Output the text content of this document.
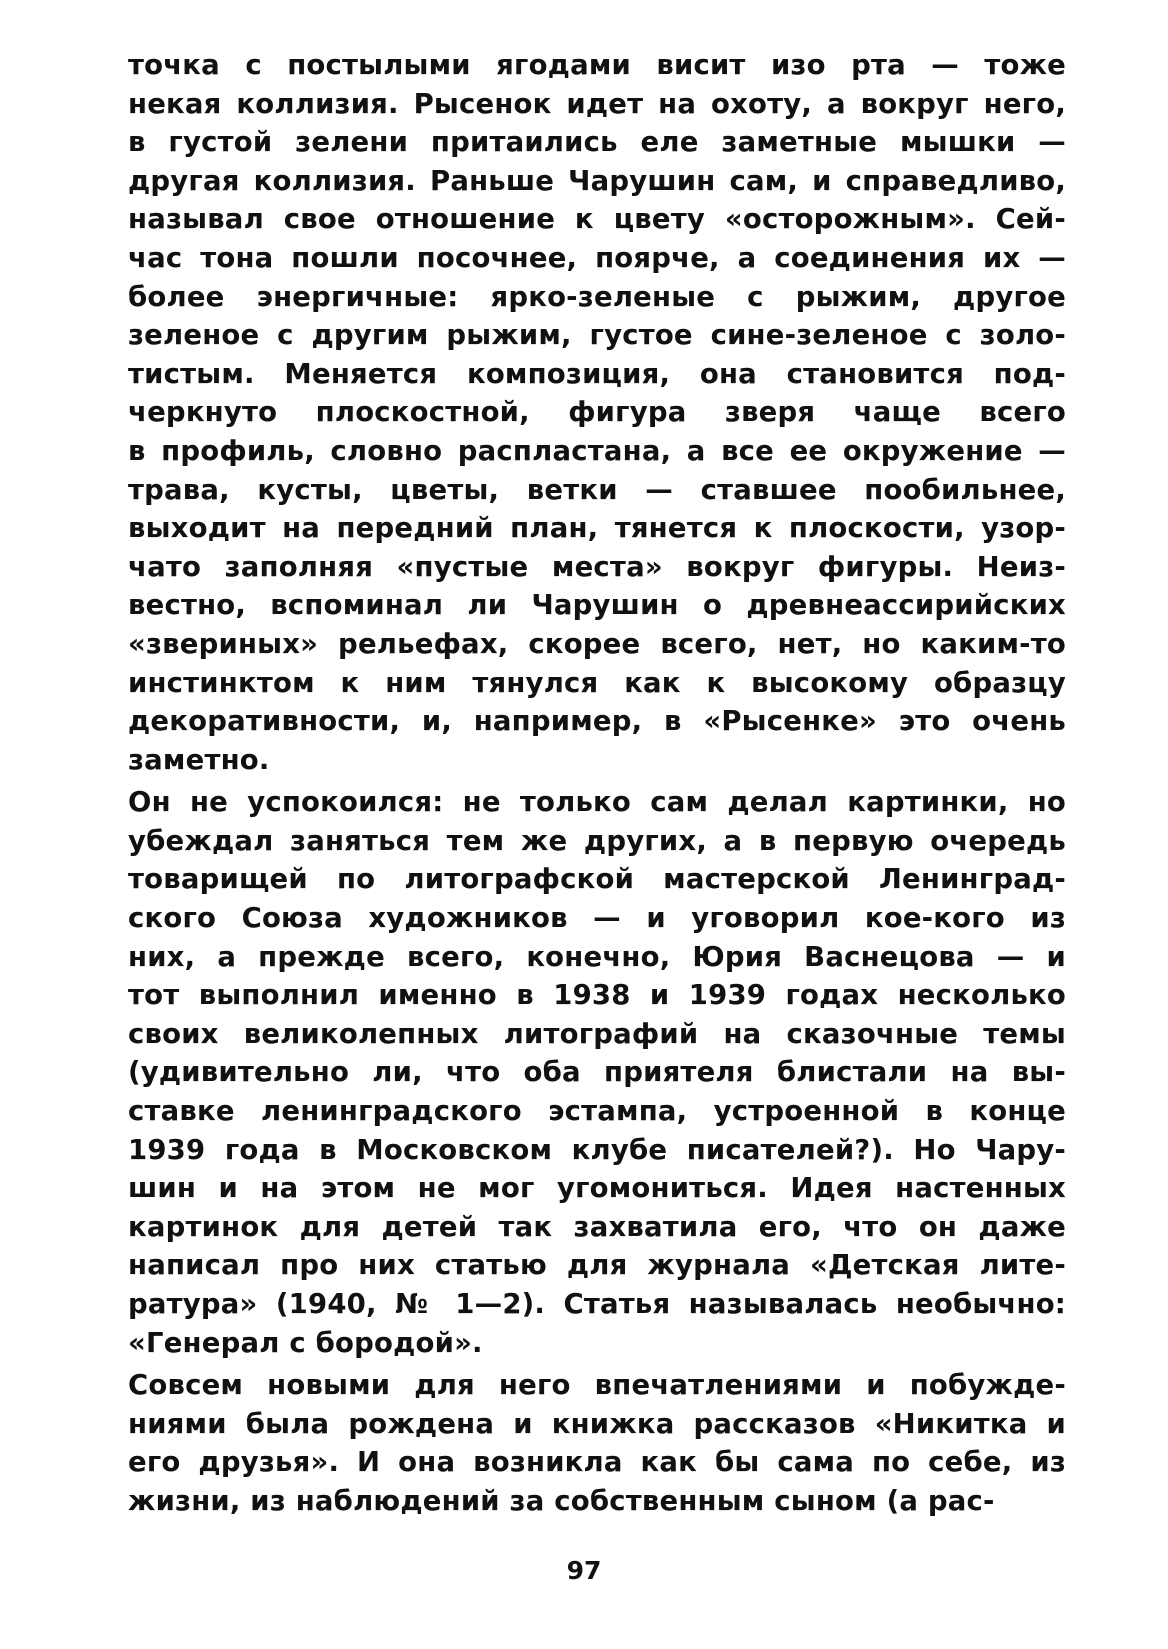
точка с постылыми ягодами висит изо рта — тоже
некая коллизия. Рысенок идет на охоту, а вокруг него,
в густой зелени притаились еле заметные мышки —
другая коллизия. Раньше Чарушин сам, и справедливо,
называл свое отношение к цвету «осторожным». Сей-
час тона пошли посочнее, поярче, а соединения их —
более энергичные: ярко-зеленые с рыжим, другое
зеленое с другим рыжим, густое сине-зеленое с золо-
тистым. Меняется композиция, она становится под-
черкнуто плоскостной, фигура зверя чаще всего
в профиль, словно распластана, а все ее окружение —
трава, кусты, цветы, ветки — ставшее пообильнее,
выходит на передний план, тянется к плоскости, узор-
чато заполняя «пустые места» вокруг фигуры. Неиз-
вестно, вспоминал ли Чарушин о древнеассирийских
«звериных» рельефах, скорее всего, нет, но каким-то
инстинктом к ним тянулся как к высокому образцу
декоративности, и, например, в «Рысенке» это очень
заметно.
Он не успокоился: не только сам делал картинки, но
убеждал заняться тем же других, а в первую очередь
товарищей по литографской мастерской Ленинград-
ского Союза художников — и уговорил кое-кого из
них, а прежде всего, конечно, Юрия Васнецова — и
тот выполнил именно в 1938 и 1939 годах несколько
своих великолепных литографий на сказочные темы
(удивительно ли, что оба приятеля блистали на вы-
ставке ленинградского эстампа, устроенной в конце
1939 года в Московском клубе писателей?). Но Чару-
шин и на этом не мог угомониться. Идея настенных
картинок для детей так захватила его, что он даже
написал про них статью для журнала «Детская лите-
ратура» (1940, № 1—2). Статья называлась необычно:
«Генерал с бородой».
Совсем новыми для него впечатлениями и побужде-
ниями была рождена и книжка рассказов «Никитка и
его друзья». И она возникла как бы сама по себе, из
жизни, из наблюдений за собственным сыном (а рас-
97
